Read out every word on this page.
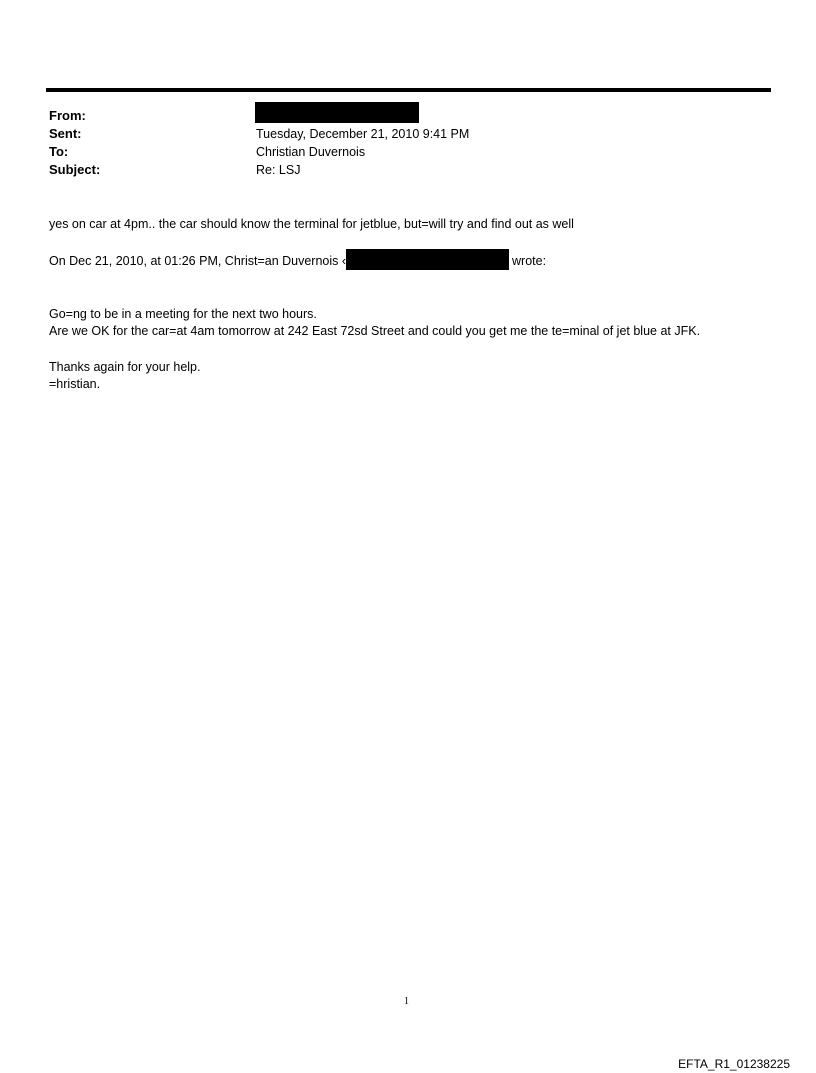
From:
Sent:	Tuesday, December 21, 2010 9:41 PM
To:	Christian Duvernois
Subject:	Re: LSJ
yes on car at 4pm.. the car should know the terminal for jetblue, but=will try and find out as well
On Dec 21, 2010, at 01:26 PM, Christ=an Duvernois ‹	wrote:
Go=ng to be in a meeting for the next two hours.
Are we OK for the car=at 4am tomorrow at 242 East 72sd Street and could you get me the te=minal of jet blue at JFK.
Thanks again for your help.
=hristian.
1
EFTA_R1_01238225
